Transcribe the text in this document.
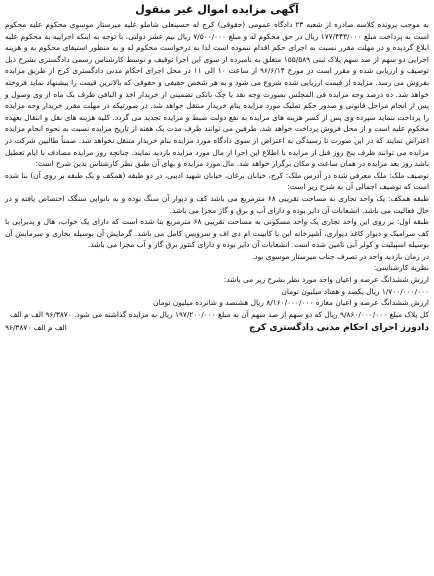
آگهی مزایده اموال غیر منقول

به موجب پرونده کلاسه صادره از شعبه ۲۳ دادگاه عمومی (حقوقی) کرج له حسینعلی شاملو علیه میرستار موسوی محکوم علیه محکوم است به پرداخت مبلغ ۱۷۷/۴۴۳/۰۰۰ ریال در حق محکوم له و مبلغ ۷/۵۰۰/۰۰۰ ریال نیم عشر دولتی، با توجه به اینکه اجراییه به محکوم علیه ابلاغ گردیده و در مهلت مقرر نسبت به اجرای حکم اقدام ننموده است لذا به درخواست محکوم له و به منظور استیفای محکوم به و هزینه اجرایی دو سهم از صد سهم پلاک ثبتی ۱۵۵/۵۸۹ متعلق به نامبرده از سوی این اجرا توقیف و توسط کارشناس رسمی دادگستری بشرح ذیل توصیف و ارزیابی شده و مقرر است در مورخ ۹۶/۶/۱۴ از ساعت ۱۰ الی ۱۱ در محل اجرای احکام مدنی دادگستری کرج از طریق مزایده بفروش می رسد. مزایده از قیمت ارزیابی شده شروع می شود و به هر شخص حقیقی و حقوقی که بالاترین قیمت را پیشنهاد نماید فروخته خواهد شد. ده درصد وجه مزایده فی المجلس بصورت وجه نقد یا چک بانکی تضمینی از خریدار اخذ و الباقی ظرف یک ماه از وی وصول و پس از انجام مراحل قانونی و صدور حکم تملیک مورد مزایده بنام خریدار منتقل خواهد شد. در صورتیکه در مهلت مقرر خریدار وجه مزایده را پرداخت ننماید سپرده وی پس از کسر هزینه های مزایده به نفع دولت ضبط و مزایده تجدید می گردد. کلیه هزینه های نقل و انتقال بعهده محکوم علیه است و از محل فروش پرداخت خواهد شد. طرفین می توانند ظرف مدت یک هفته از تاریخ مزایده نسبت به نحوه انجام مزایده اعتراض نمایند که در این صورت تا رسیدگی به اعتراض از سوی دادگاه مورد مزایده بنام خریدار منتقل نخواهد شد. ضمناً طالبین شرکت در مزایده می توانند ظرف پنج روز قبل از مزایده با اطلاع این اجرا از مال مورد مزایده بازدید نمایند. چنانچه روز مزایده مصادف با ایام تعطیل باشد روز بعد مزایده در همان ساعت و مکان برگزار خواهد شد. مال مورد مزایده و بهای آن طبق نظر کارشناس بدین شرح است:

توصیف ملک: ملک معرفی شده در آدرس ملک: کرج، خیابان برغان، خیابان شهید ادیبی، در دو طبقه (همکف و یک طبقه بر روی آن) بنا شده است که توصیف اجمالی آن به شرح زیر است:

طبقه همکف: یک واحد تجاری به مساحت تقریبی ۶۸ مترمربع می باشد کف و دیوار آن سنگ بوده و به نانوایی سنگک اختصاص یافته و در حال فعالیت می باشد. انشعابات آن دایر بوده و دارای آب و برق و گاز مجزا می باشد.

طبقه اول: بر روی این واحد تجاری یک واحد مسکونی به مساحت تقریبی ۶۸ مترمربع بنا شده است که دارای یک خواب، هال و پذیرایی با کف سرامیک و دیوار کاغذ دیواری، آشپزخانه این با کابینت ام دی اف و سرویس کامل می باشد. گرمایش آن بوسیله بخاری و سرمایش آن بوسیله اسپیلیت و کولر آبی تامین شده است. انشعابات آن دایر بوده و دارای کنتور برق گاز و آب مجزا می باشد.

در زمان بازدید واحد در تصرف جناب میرستار موسوی بود.

نظریه کارشناسی:
ارزش ششدانگ عرصه و اعیان واحد مورد نظر بشرح زیر می باشد:
۱/۷۰۰/۰۰۰/۰۰۰ ریال یکصد و هفتاد میلیون تومان
ارزش ششدانگ عرصه و اعیان مغازه ۸/۱۶۰/۰۰۰/۰۰۰ ریال هشتصد و شانزده میلیون تومان
کل پلاک مبلغ ۹/۸۶۰/۰۰۰/۰۰۰ ریال که دو سهم از صد سهم آن به مبلغ ۱۹۷/۲۰۰/۰۰۰ ریال به مزایده گذاشته می شود. ۹۶/۳۸۷۰ الف م الف
دادورز اجرای احکام مدنی دادگستری کرج
۹۶/۳۸۷۰ الف م الف
